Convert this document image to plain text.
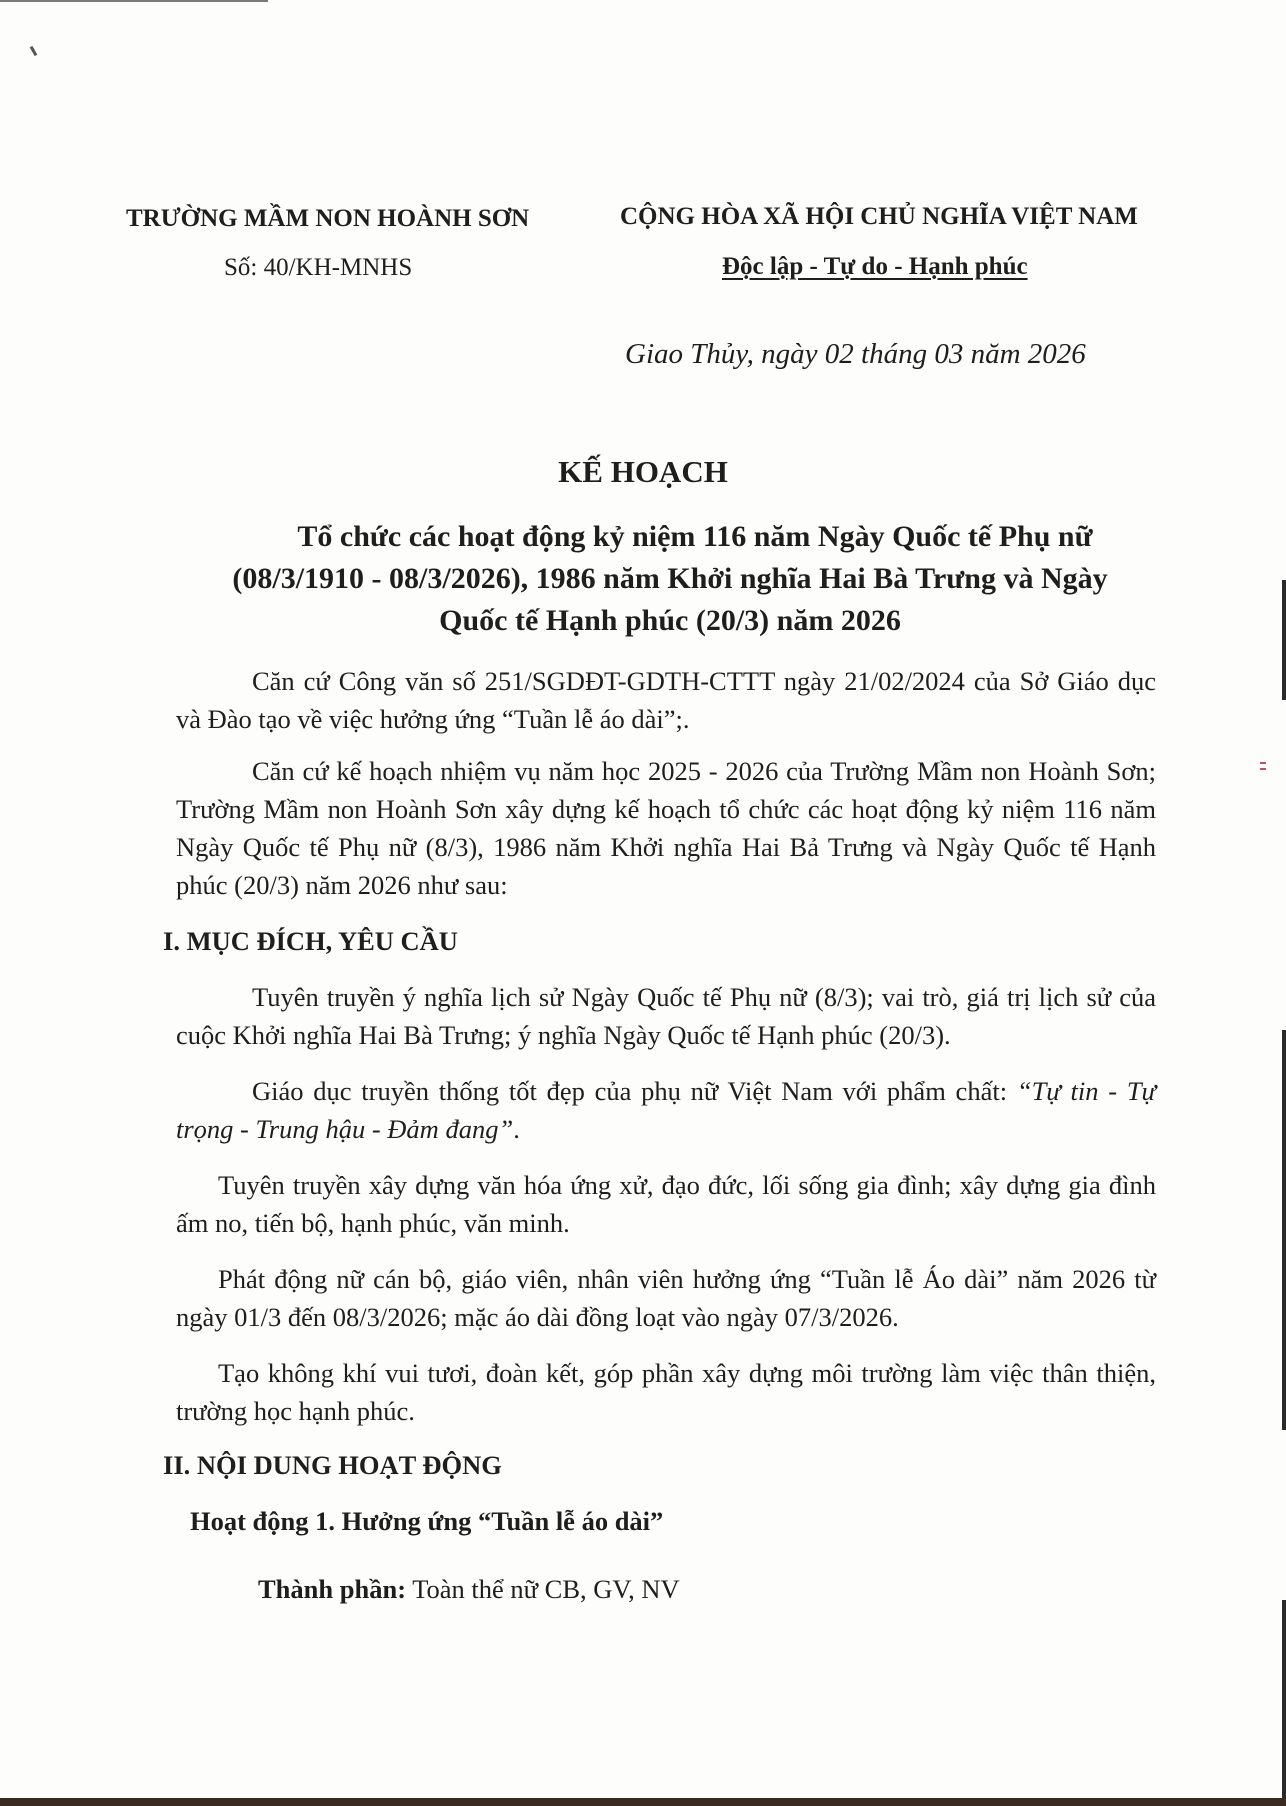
TRƯỜNG MẦM NON HOÀNH SƠN
Số: 40/KH-MNHS
CỘNG HÒA XÃ HỘI CHỦ NGHĨA VIỆT NAM
Độc lập - Tự do - Hạnh phúc
Giao Thủy, ngày 02 tháng 03 năm 2026
KẾ HOẠCH
Tổ chức các hoạt động kỷ niệm 116 năm Ngày Quốc tế Phụ nữ
(08/3/1910 - 08/3/2026), 1986 năm Khởi nghĩa Hai Bà Trưng và Ngày
Quốc tế Hạnh phúc (20/3) năm 2026
Căn cứ Công văn số 251/SGDĐT-GDTH-CTTT ngày 21/02/2024 của Sở Giáo dục và Đào tạo về việc hưởng ứng “Tuần lễ áo dài”;.
Căn cứ kế hoạch nhiệm vụ năm học 2025 - 2026 của Trường Mầm non Hoành Sơn; Trường Mầm non Hoành Sơn xây dựng kế hoạch tổ chức các hoạt động kỷ niệm 116 năm Ngày Quốc tế Phụ nữ (8/3), 1986 năm Khởi nghĩa Hai Bả Trưng và Ngày Quốc tế Hạnh phúc (20/3) năm 2026 như sau:
I. MỤC ĐÍCH, YÊU CẦU
Tuyên truyền ý nghĩa lịch sử Ngày Quốc tế Phụ nữ (8/3); vai trò, giá trị lịch sử của cuộc Khởi nghĩa Hai Bà Trưng; ý nghĩa Ngày Quốc tế Hạnh phúc (20/3).
Giáo dục truyền thống tốt đẹp của phụ nữ Việt Nam với phẩm chất: “Tự tin - Tự trọng - Trung hậu - Đảm đang”.
Tuyên truyền xây dựng văn hóa ứng xử, đạo đức, lối sống gia đình; xây dựng gia đình ấm no, tiến bộ, hạnh phúc, văn minh.
Phát động nữ cán bộ, giáo viên, nhân viên hưởng ứng “Tuần lễ Áo dài” năm 2026 từ ngày 01/3 đến 08/3/2026; mặc áo dài đồng loạt vào ngày 07/3/2026.
Tạo không khí vui tươi, đoàn kết, góp phần xây dựng môi trường làm việc thân thiện, trường học hạnh phúc.
II. NỘI DUNG HOẠT ĐỘNG
Hoạt động 1. Hưởng ứng “Tuần lễ áo dài”
Thành phần: Toàn thể nữ CB, GV, NV
